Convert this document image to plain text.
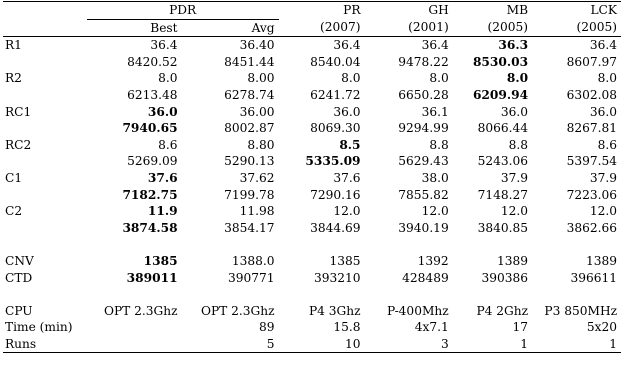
	PDR		PR	GH	MB	LCK
	Best	Avg	(2007)	(2001)	(2005)	(2005)
R1	36.4	36.40	36.4	36.4	36.3	36.4
	8420.52	8451.44	8540.04	9478.22	8530.03	8607.97
R2	8.0	8.00	8.0	8.0	8.0	8.0
	6213.48	6278.74	6241.72	6650.28	6209.94	6302.08
RC1	36.0	36.00	36.0	36.1	36.0	36.0
	7940.65	8002.87	8069.30	9294.99	8066.44	8267.81
RC2	8.6	8.80	8.5	8.8	8.8	8.6
	5269.09	5290.13	5335.09	5629.43	5243.06	5397.54
C1	37.6	37.62	37.6	38.0	37.9	37.9
	7182.75	7199.78	7290.16	7855.82	7148.27	7223.06
C2	11.9	11.98	12.0	12.0	12.0	12.0
	3874.58	3854.17	3844.69	3940.19	3840.85	3862.66

CNV	1385	1388.0	1385	1392	1389	1389
CTD	389011	390771	393210	428489	390386	396611

CPU	OPT 2.3Ghz	OPT 2.3Ghz	P4 3Ghz	P-400Mhz	P4 2Ghz	P3 850MHz
Time (min)		89	15.8	4x7.1	17	5x20
Runs		5	10	3	1	1
